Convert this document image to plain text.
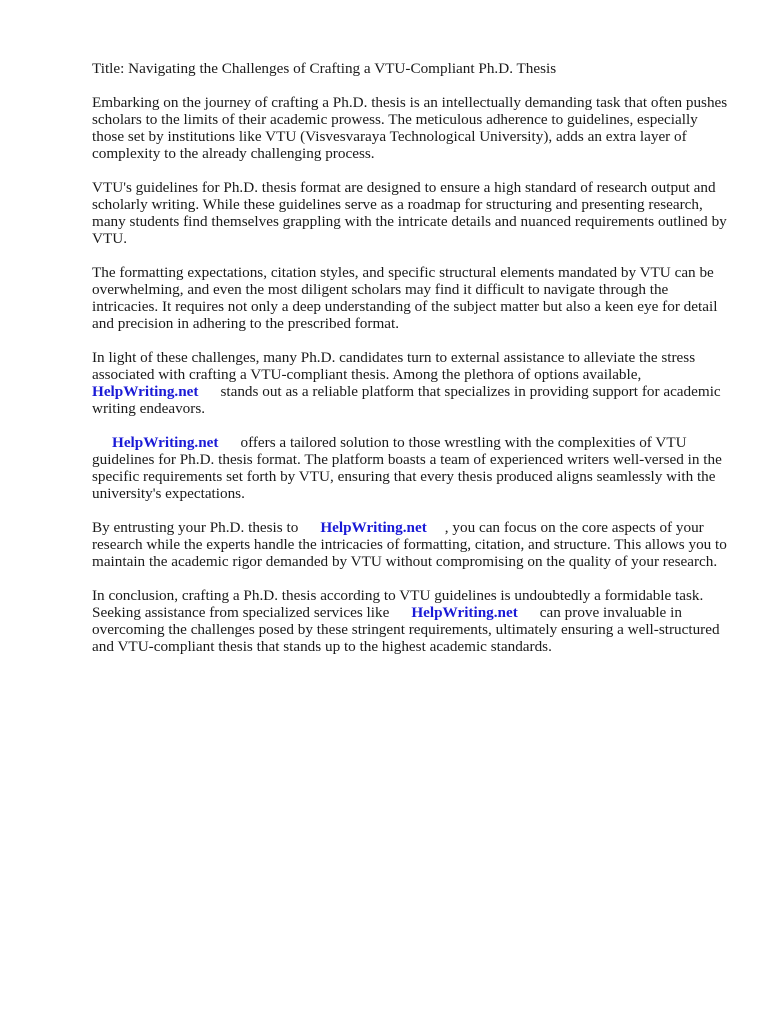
Title: Navigating the Challenges of Crafting a VTU-Compliant Ph.D. Thesis

Embarking on the journey of crafting a Ph.D. thesis is an intellectually demanding task that often pushes scholars to the limits of their academic prowess. The meticulous adherence to guidelines, especially those set by institutions like VTU (Visvesvaraya Technological University), adds an extra layer of complexity to the already challenging process.

VTU's guidelines for Ph.D. thesis format are designed to ensure a high standard of research output and scholarly writing. While these guidelines serve as a roadmap for structuring and presenting research, many students find themselves grappling with the intricate details and nuanced requirements outlined by VTU.

The formatting expectations, citation styles, and specific structural elements mandated by VTU can be overwhelming, and even the most diligent scholars may find it difficult to navigate through the intricacies. It requires not only a deep understanding of the subject matter but also a keen eye for detail and precision in adhering to the prescribed format.

In light of these challenges, many Ph.D. candidates turn to external assistance to alleviate the stress associated with crafting a VTU-compliant thesis. Among the plethora of options available,
HelpWriting.net stands out as a reliable platform that specializes in providing support for academic writing endeavors.

HelpWriting.net offers a tailored solution to those wrestling with the complexities of VTU guidelines for Ph.D. thesis format. The platform boasts a team of experienced writers well-versed in the specific requirements set forth by VTU, ensuring that every thesis produced aligns seamlessly with the university's expectations.

By entrusting your Ph.D. thesis to HelpWriting.net , you can focus on the core aspects of your research while the experts handle the intricacies of formatting, citation, and structure. This allows you to maintain the academic rigor demanded by VTU without compromising on the quality of your research.

In conclusion, crafting a Ph.D. thesis according to VTU guidelines is undoubtedly a formidable task. Seeking assistance from specialized services like HelpWriting.net can prove invaluable in overcoming the challenges posed by these stringent requirements, ultimately ensuring a well-structured and VTU-compliant thesis that stands up to the highest academic standards.
